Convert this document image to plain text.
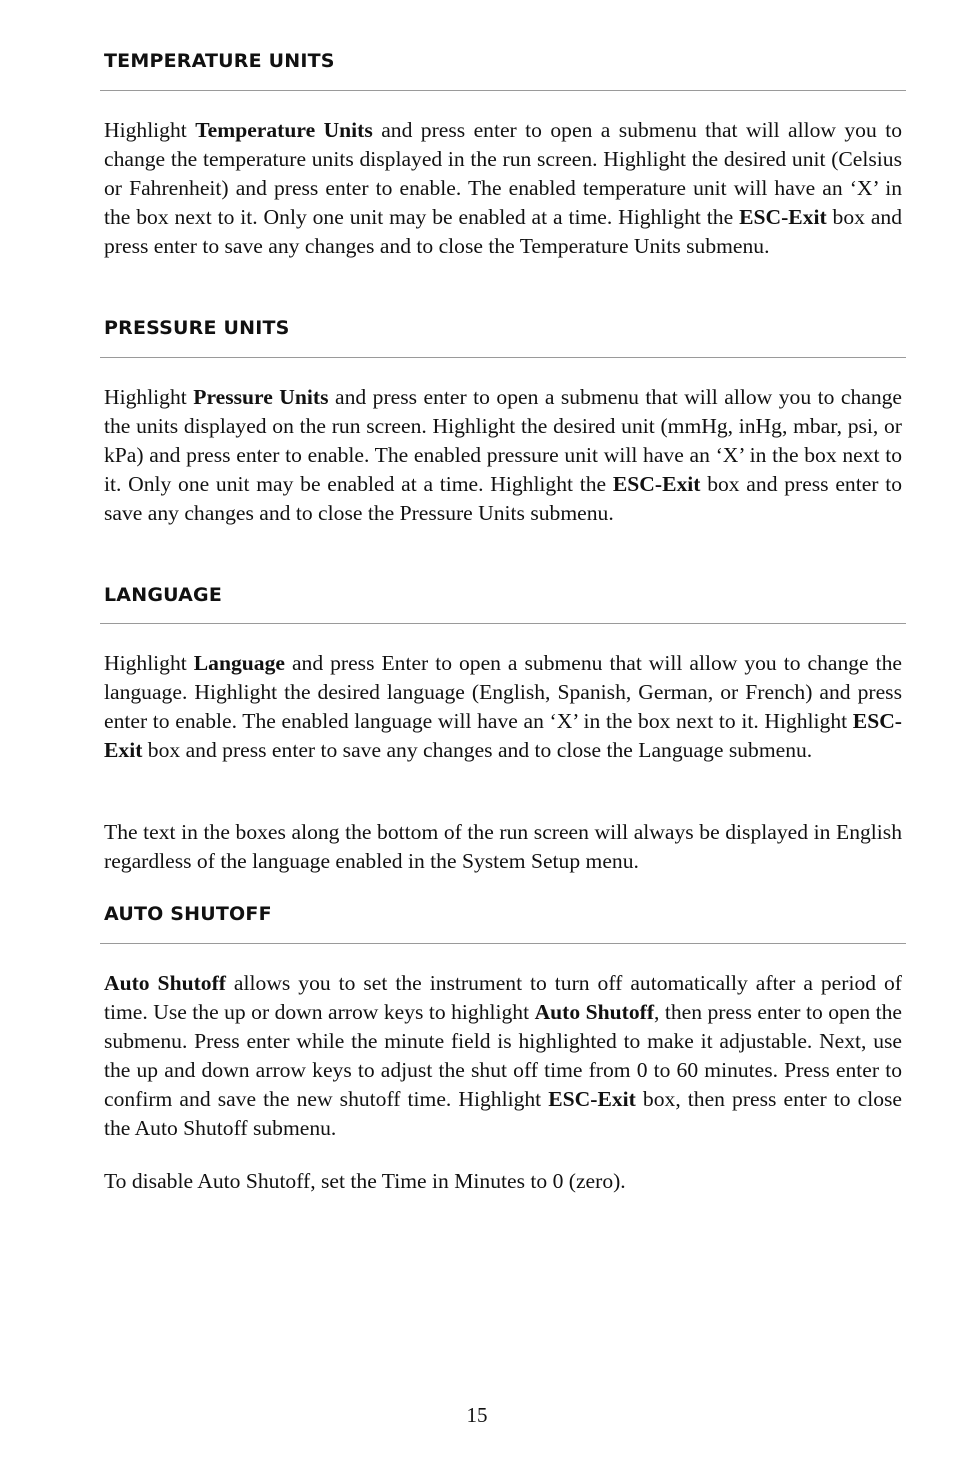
TEMPERATURE UNITS

Highlight Temperature Units and press enter to open a submenu that will allow you to change the temperature units displayed in the run screen. Highlight the desired unit (Celsius or Fahrenheit) and press enter to enable. The enabled temperature unit will have an ‘X’ in the box next to it. Only one unit may be enabled at a time. Highlight the ESC-Exit box and press enter to save any changes and to close the Temperature Units submenu.

PRESSURE UNITS

Highlight Pressure Units and press enter to open a submenu that will allow you to change the units displayed on the run screen. Highlight the desired unit (mmHg, inHg, mbar, psi, or kPa) and press enter to enable. The enabled pressure unit will have an ‘X’ in the box next to it. Only one unit may be enabled at a time. Highlight the ESC-Exit box and press enter to save any changes and to close the Pressure Units submenu.

LANGUAGE

Highlight Language and press Enter to open a submenu that will allow you to change the language. Highlight the desired language (English, Spanish, German, or French) and press enter to enable. The enabled language will have an ‘X’ in the box next to it. Highlight ESC-Exit box and press enter to save any changes and to close the Language submenu.

The text in the boxes along the bottom of the run screen will always be displayed in English regardless of the language enabled in the System Setup menu.

AUTO SHUTOFF

Auto Shutoff allows you to set the instrument to turn off automatically after a period of time. Use the up or down arrow keys to highlight Auto Shutoff, then press enter to open the submenu. Press enter while the minute field is highlighted to make it adjustable. Next, use the up and down arrow keys to adjust the shut off time from 0 to 60 minutes. Press enter to confirm and save the new shutoff time. Highlight ESC-Exit box, then press enter to close the Auto Shutoff submenu.

To disable Auto Shutoff, set the Time in Minutes to 0 (zero).

15
